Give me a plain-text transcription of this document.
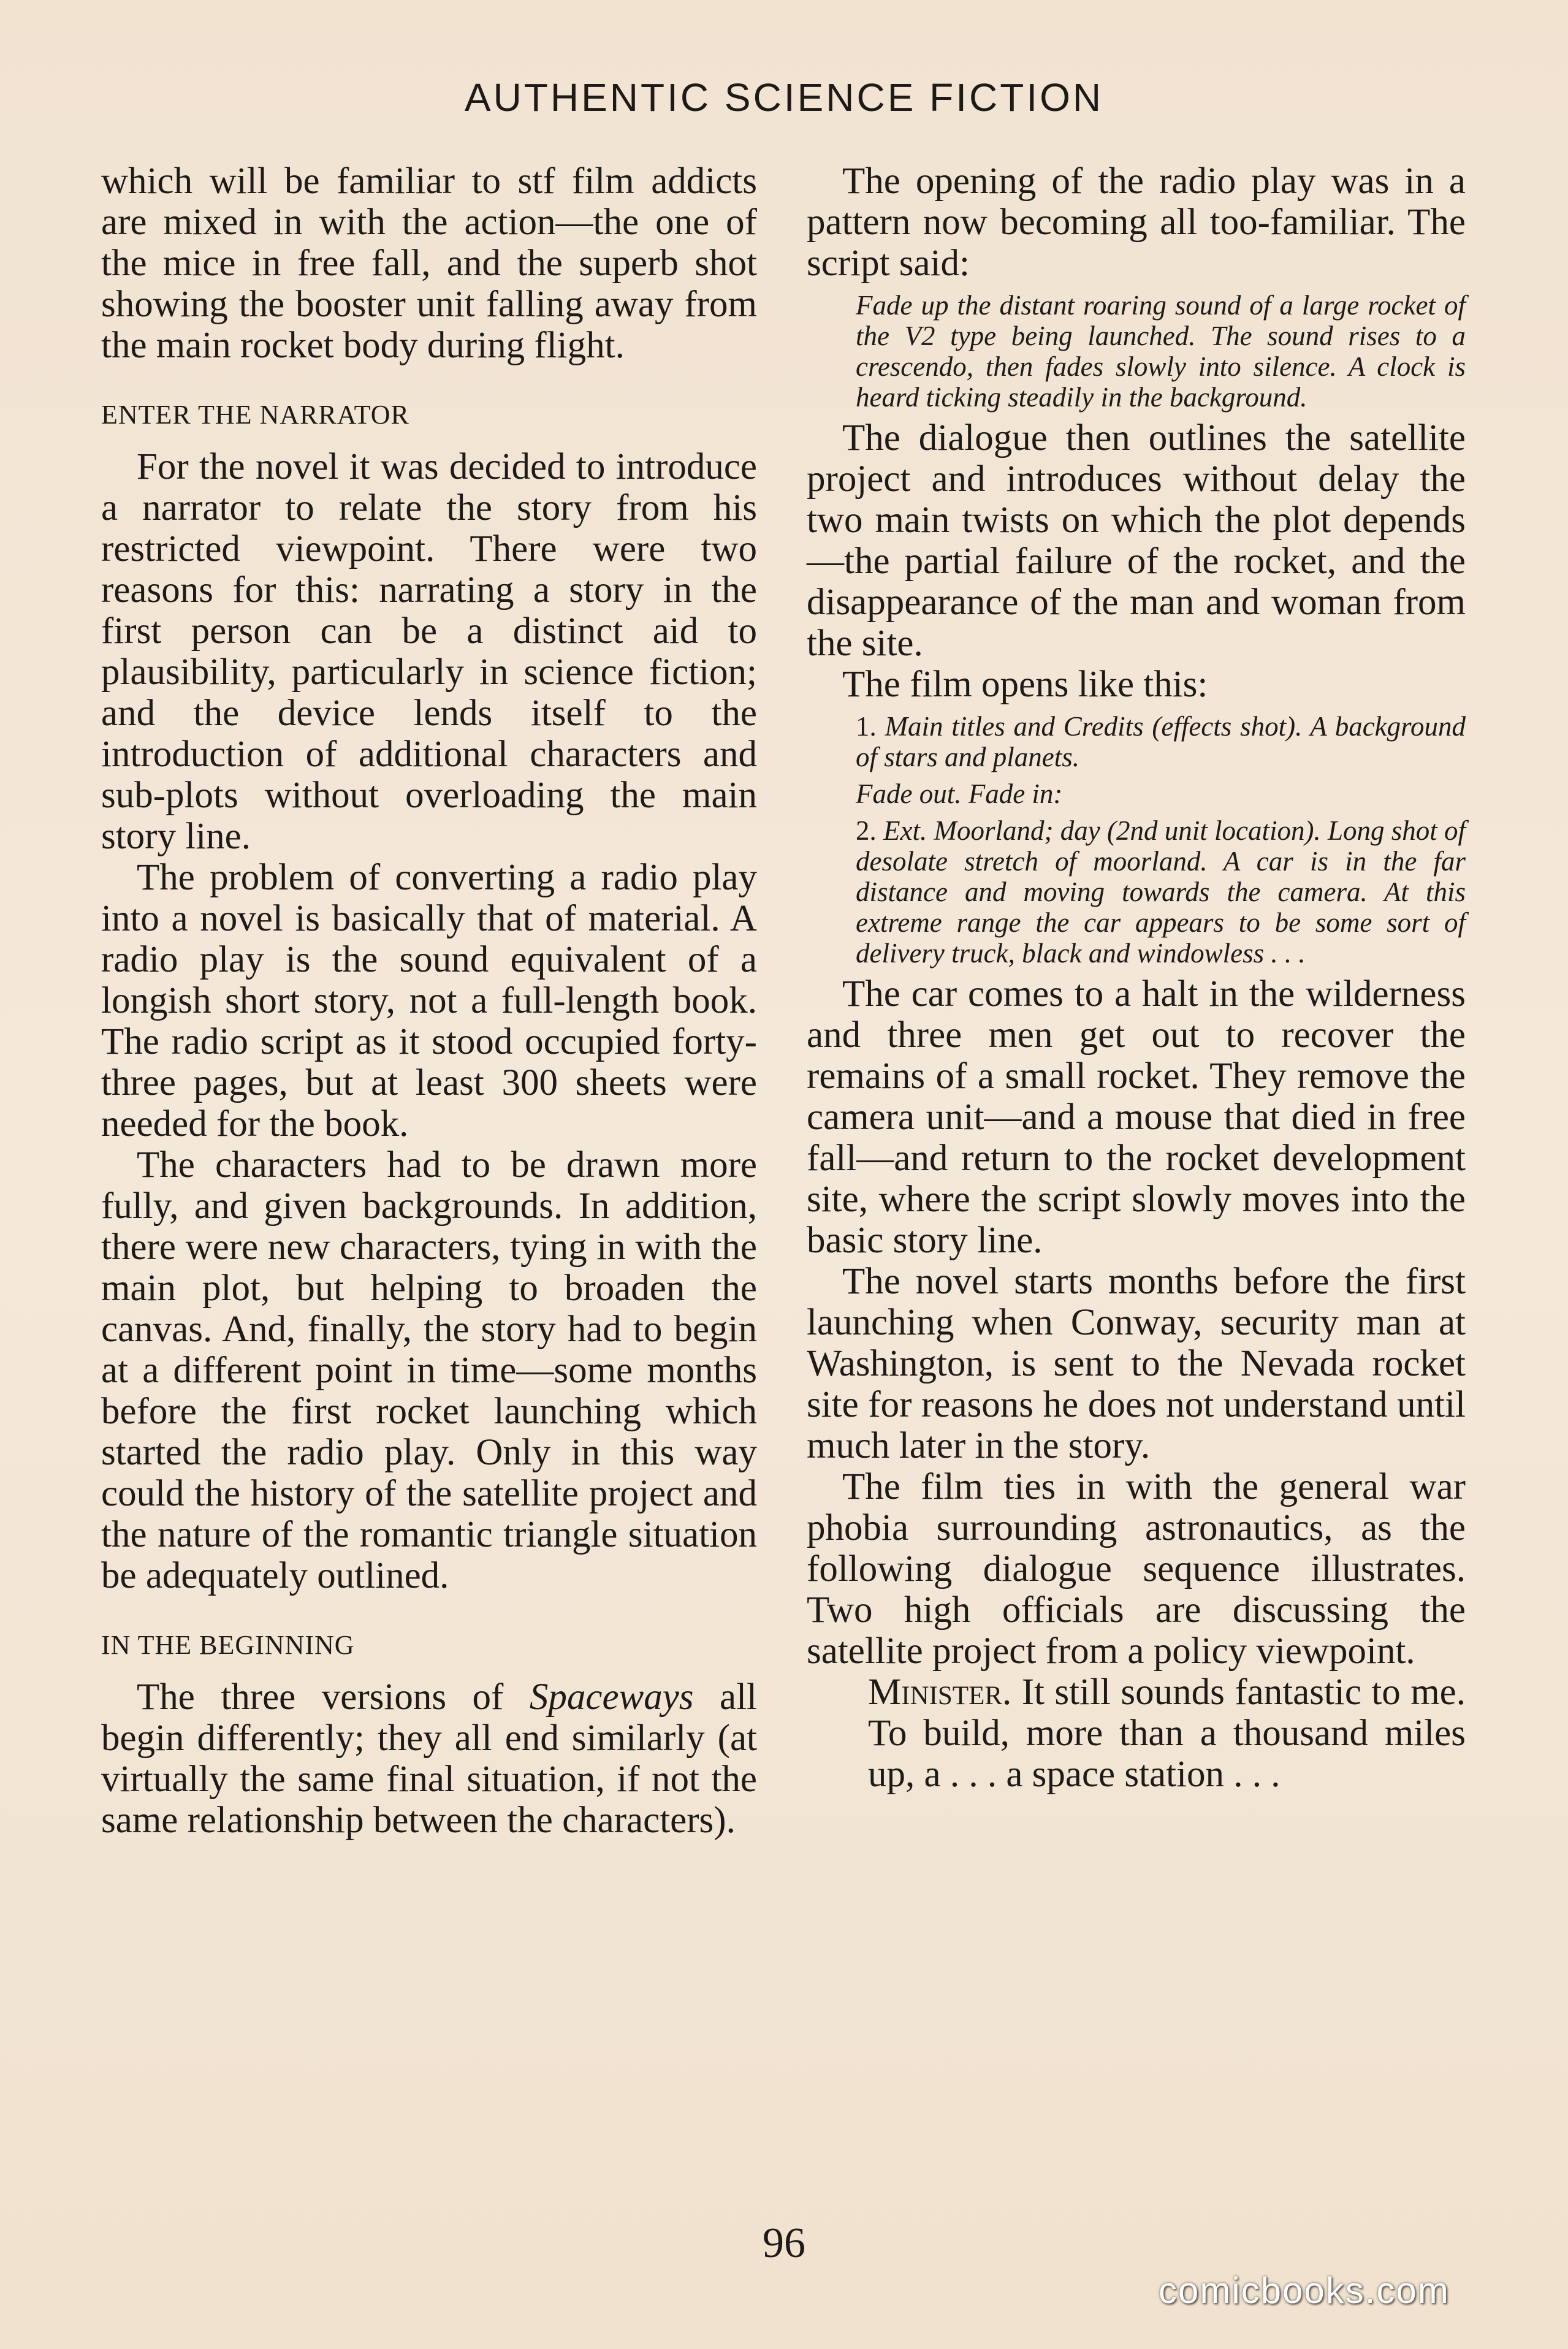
AUTHENTIC SCIENCE FICTION

which will be familiar to stf film addicts are mixed in with the action—the one of the mice in free fall, and the superb shot showing the booster unit falling away from the main rocket body during flight.

ENTER THE NARRATOR

For the novel it was decided to introduce a narrator to relate the story from his restricted viewpoint. There were two reasons for this: narrating a story in the first person can be a distinct aid to plausibility, particularly in science fiction; and the device lends itself to the introduction of additional characters and sub-plots without overloading the main story line.

The problem of converting a radio play into a novel is basically that of material. A radio play is the sound equivalent of a longish short story, not a full-length book. The radio script as it stood occupied forty-three pages, but at least 300 sheets were needed for the book.

The characters had to be drawn more fully, and given backgrounds. In addition, there were new characters, tying in with the main plot, but helping to broaden the canvas. And, finally, the story had to begin at a different point in time—some months before the first rocket launching which started the radio play. Only in this way could the history of the satellite project and the nature of the romantic triangle situation be adequately outlined.

IN THE BEGINNING

The three versions of Spaceways all begin differently; they all end similarly (at virtually the same final situation, if not the same relationship between the characters).

The opening of the radio play was in a pattern now becoming all too-familiar. The script said:

Fade up the distant roaring sound of a large rocket of the V2 type being launched. The sound rises to a crescendo, then fades slowly into silence. A clock is heard ticking steadily in the background.

The dialogue then outlines the satellite project and introduces without delay the two main twists on which the plot depends—the partial failure of the rocket, and the disappearance of the man and woman from the site.

The film opens like this:

1. Main titles and Credits (effects shot). A background of stars and planets.
Fade out. Fade in:
2. Ext. Moorland; day (2nd unit location). Long shot of desolate stretch of moorland. A car is in the far distance and moving towards the camera. At this extreme range the car appears to be some sort of delivery truck, black and windowless . . .

The car comes to a halt in the wilderness and three men get out to recover the remains of a small rocket. They remove the camera unit—and a mouse that died in free fall—and return to the rocket development site, where the script slowly moves into the basic story line.

The novel starts months before the first launching when Conway, security man at Washington, is sent to the Nevada rocket site for reasons he does not understand until much later in the story.

The film ties in with the general war phobia surrounding astronautics, as the following dialogue sequence illustrates. Two high officials are discussing the satellite project from a policy viewpoint.

Minister. It still sounds fantastic to me. To build, more than a thousand miles up, a . . . a space station . . .

96
comicbooks.com
